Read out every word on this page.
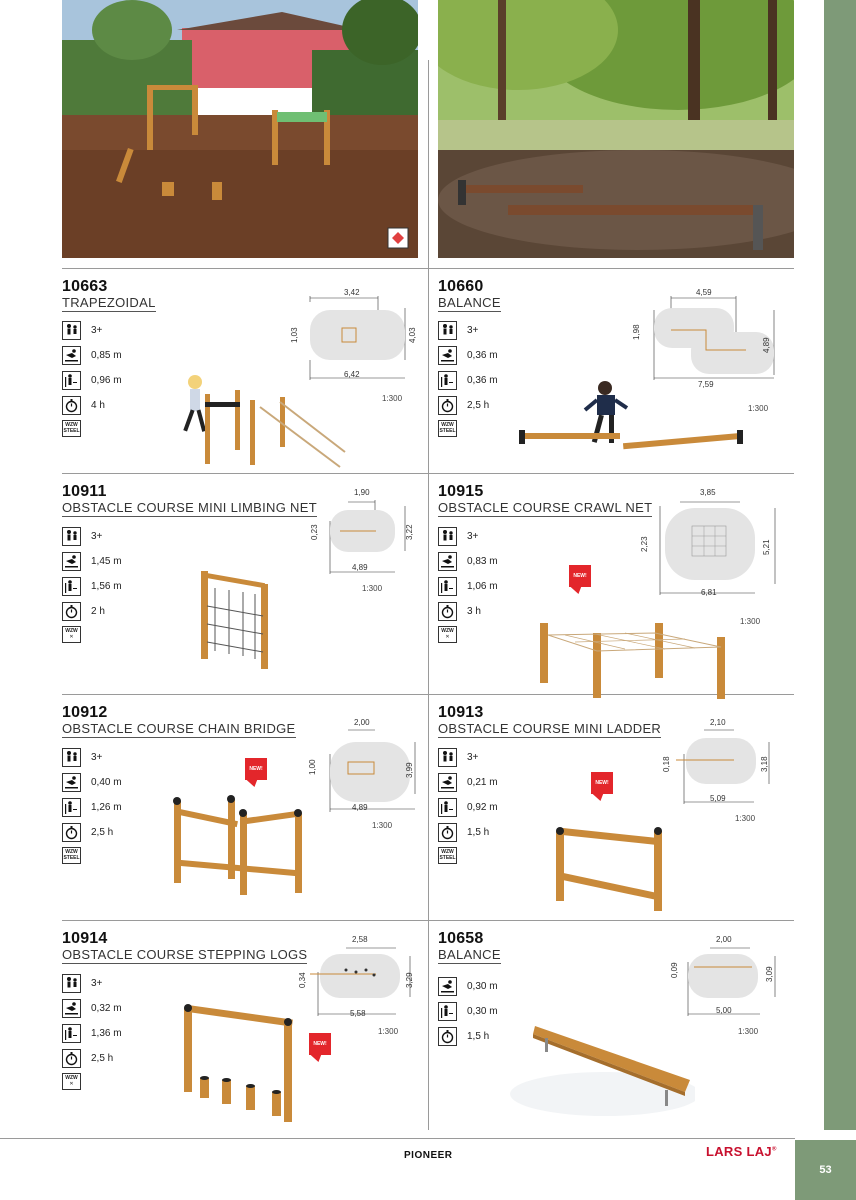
10663
TRAPEZOIDAL
3+
0,85 m
0,96 m
4 h
WZW
STEEL
3,42
1,03	4,03
6,42
1:300
10660
BALANCE
3+
0,36 m
0,36 m
2,5 h
WZW
STEEL
4,59
1,98
4,89
7,59
1:300
10911
OBSTACLE COURSE MINI LIMBING NET
3+
1,45 m
1,56 m
2 h
WZW
✕
1,90
0,23	3,22
4,89
1:300
10915
OBSTACLE COURSE CRAWL NET
3+
0,83 m
1,06 m
3 h
WZW
✕
NEW!
3,85
2,23	5,21
6,81
1:300
10912
OBSTACLE COURSE CHAIN BRIDGE
3+
0,40 m
1,26 m
2,5 h
WZW
STEEL
NEW!
2,00
1,00	3,99
4,89
1:300
10913
OBSTACLE COURSE MINI LADDER
3+
0,21 m
0,92 m
1,5 h
WZW
STEEL
NEW!
2,10
0,18	3,18
5,09
1:300
10914
OBSTACLE COURSE STEPPING LOGS
3+
0,32 m
1,36 m
2,5 h
WZW
✕
NEW!
2,58
0,34	3,29
5,58
1:300
10658
BALANCE
0,30 m
0,30 m
1,5 h
2,00
0,09	3,09
5,00
1:300
PIONEER	LARS LAJ®
53
